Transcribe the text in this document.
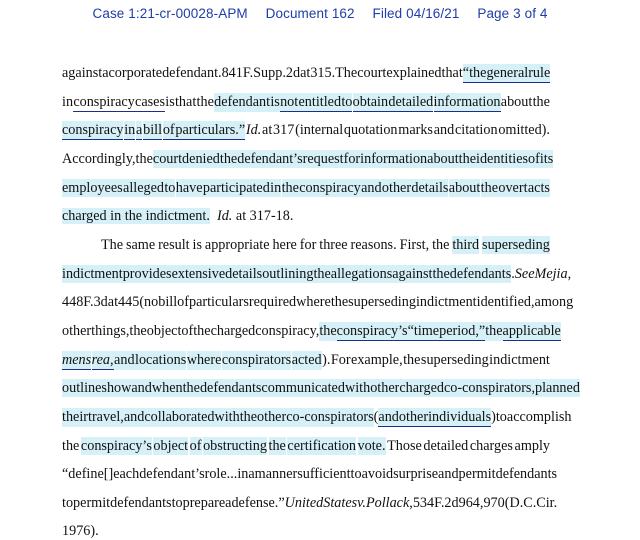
Case 1:21-cr-00028-APM Document 162 Filed 04/16/21 Page 3 of 4
against a corporate defendant. 841 F. Supp. 2d at 315. The court explained that “the general rule
in conspiracy cases is that the defendant is not entitled to obtain detailed information about the
conspiracy in a bill of particulars.” Id. at 317 (internal quotation marks and citation omitted).
Accordingly, the court denied the defendant’s request for information about the identities of its
employees alleged to have participated in the conspiracy and other details about the overt acts
charged in the indictment. Id. at 317-18.
The same result is appropriate here for three reasons. First, the third superseding
indictment provides extensive details outlining the allegations against the defendants . See Mejia ,
448 F.3d at 445 (no bill of particulars required where the superseding indictment identified, among
other things, the object of the charged conspiracy, the conspiracy’s “time period,” the applicable
mens rea, and locations where conspirators acted ). For example, the superseding indictment
outlines how and when the defendants communicated with other charged co-conspirators, planned
their travel, and collaborated with the other co-conspirators ( and other individuals ) to accomplish
the conspiracy’s object of obstructing the certification vote. Those detailed charges amply
“define[] each defendant’s role . . . in a manner sufficient to avoid surprise and permit defendants
to permit defendants to prepare a defense.” United States v. Pollack , 534 F.2d 964, 970 (D.C. Cir.
1976).
